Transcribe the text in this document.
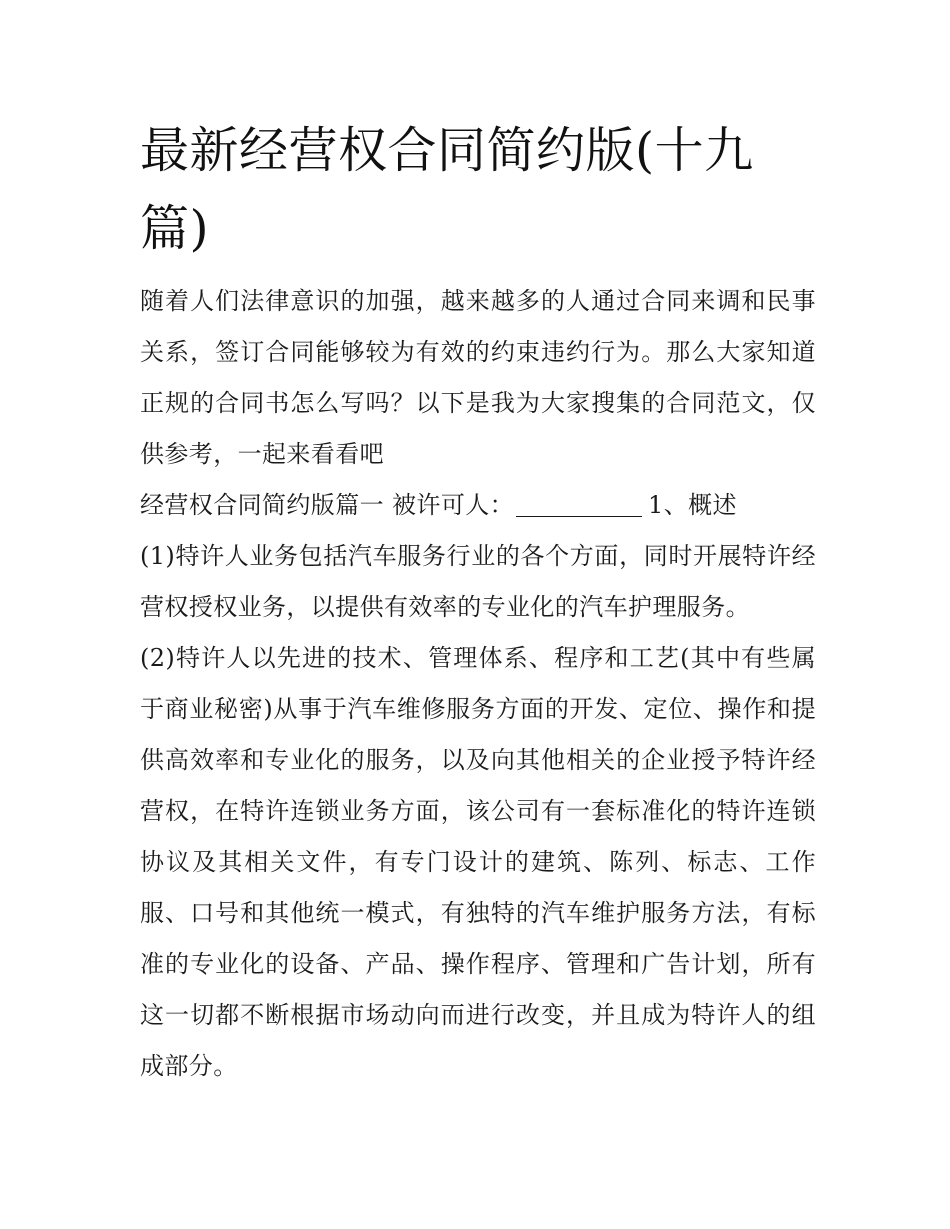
最新经营权合同简约版(十九篇)

随着人们法律意识的加强，越来越多的人通过合同来调和民事关系，签订合同能够较为有效的约束违约行为。那么大家知道正规的合同书怎么写吗？以下是我为大家搜集的合同范文，仅供参考，一起来看看吧

经营权合同简约版篇一 被许可人：	1、概述

(1)特许人业务包括汽车服务行业的各个方面，同时开展特许经营权授权业务，以提供有效率的专业化的汽车护理服务。

(2)特许人以先进的技术、管理体系、程序和工艺(其中有些属于商业秘密)从事于汽车维修服务方面的开发、定位、操作和提供高效率和专业化的服务，以及向其他相关的企业授予特许经营权，在特许连锁业务方面，该公司有一套标准化的特许连锁协议及其相关文件，有专门设计的建筑、陈列、标志、工作服、口号和其他统一模式，有独特的汽车维护服务方法，有标准的专业化的设备、产品、操作程序、管理和广告计划，所有这一切都不断根据市场动向而进行改变，并且成为特许人的组成部分。
